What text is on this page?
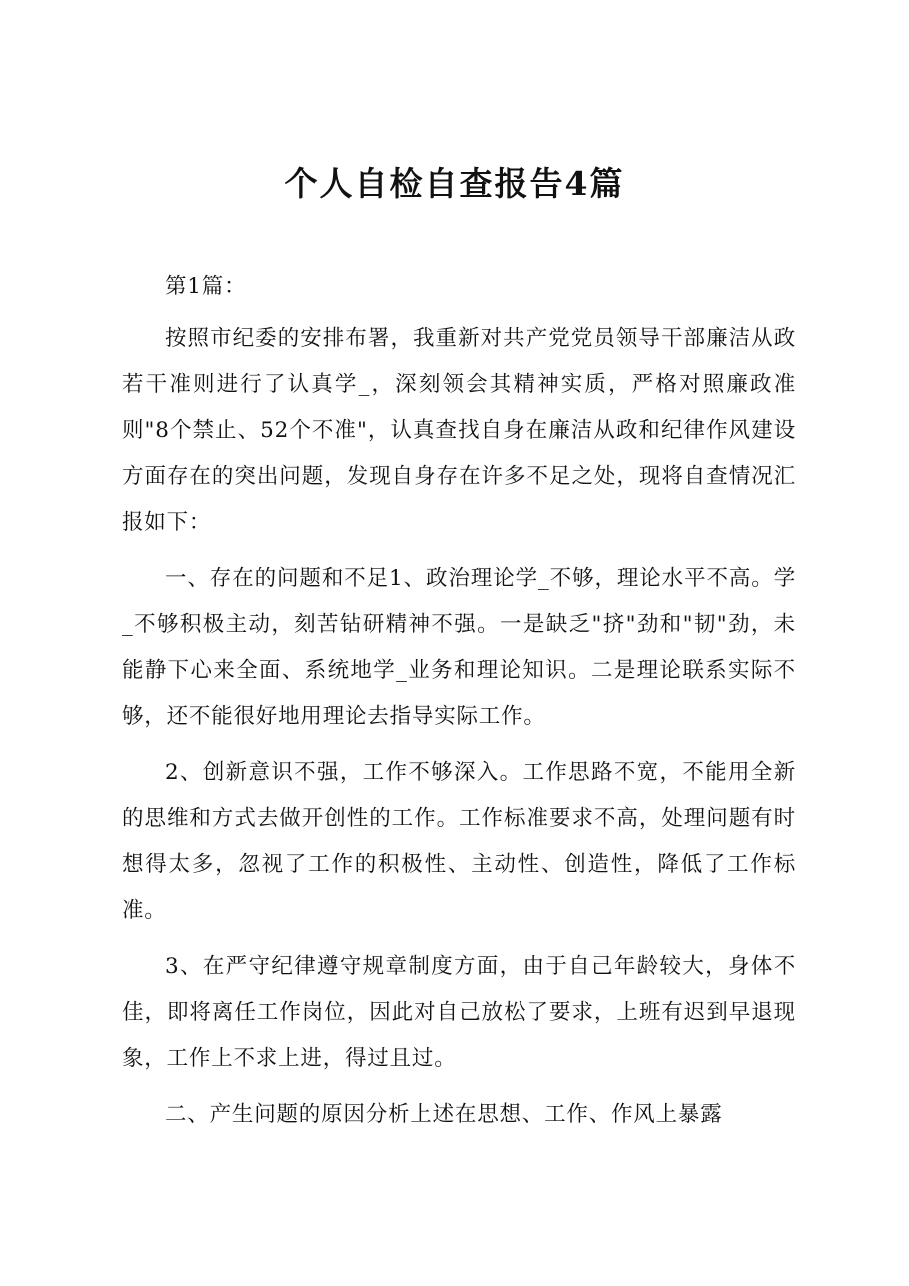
个人自检自查报告4篇

第1篇：

按照市纪委的安排布署，我重新对共产党党员领导干部廉洁从政若干准则进行了认真学_，深刻领会其精神实质，严格对照廉政准则"8个禁止、52个不准"，认真查找自身在廉洁从政和纪律作风建设方面存在的突出问题，发现自身存在许多不足之处，现将自查情况汇报如下：

一、存在的问题和不足1、政治理论学_不够，理论水平不高。学_不够积极主动，刻苦钻研精神不强。一是缺乏"挤"劲和"韧"劲，未能静下心来全面、系统地学_业务和理论知识。二是理论联系实际不够，还不能很好地用理论去指导实际工作。

2、创新意识不强，工作不够深入。工作思路不宽，不能用全新的思维和方式去做开创性的工作。工作标准要求不高，处理问题有时想得太多，忽视了工作的积极性、主动性、创造性，降低了工作标准。

3、在严守纪律遵守规章制度方面，由于自己年龄较大，身体不佳，即将离任工作岗位，因此对自己放松了要求，上班有迟到早退现象，工作上不求上进，得过且过。

二、产生问题的原因分析上述在思想、工作、作风上暴露
